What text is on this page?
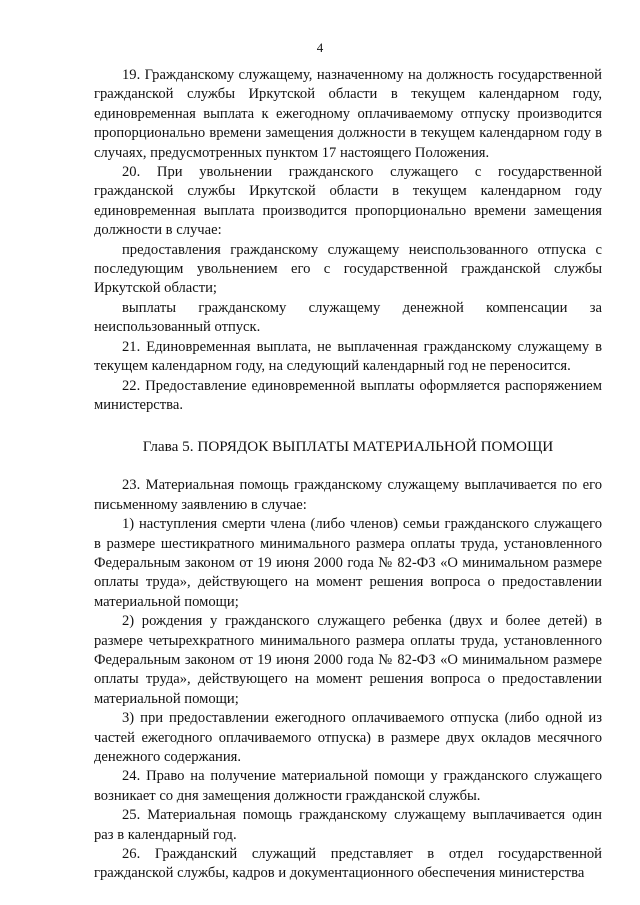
4

19. Гражданскому служащему, назначенному на должность государственной гражданской службы Иркутской области в текущем календарном году, единовременная выплата к ежегодному оплачиваемому отпуску производится пропорционально времени замещения должности в текущем календарном году в случаях, предусмотренных пунктом 17 настоящего Положения.

20. При увольнении гражданского служащего с государственной гражданской службы Иркутской области в текущем календарном году единовременная выплата производится пропорционально времени замещения должности в случае:

предоставления гражданскому служащему неиспользованного отпуска с последующим увольнением его с государственной гражданской службы Иркутской области;

выплаты гражданскому служащему денежной компенсации за неиспользованный отпуск.

21. Единовременная выплата, не выплаченная гражданскому служащему в текущем календарном году, на следующий календарный год не переносится.

22. Предоставление единовременной выплаты оформляется распоряжением министерства.

Глава 5. ПОРЯДОК ВЫПЛАТЫ МАТЕРИАЛЬНОЙ ПОМОЩИ

23. Материальная помощь гражданскому служащему выплачивается по его письменному заявлению в случае:

1) наступления смерти члена (либо членов) семьи гражданского служащего в размере шестикратного минимального размера оплаты труда, установленного Федеральным законом от 19 июня 2000 года № 82-ФЗ «О минимальном размере оплаты труда», действующего на момент решения вопроса о предоставлении материальной помощи;

2) рождения у гражданского служащего ребенка (двух и более детей) в размере четырехкратного минимального размера оплаты труда, установленного Федеральным законом от 19 июня 2000 года № 82-ФЗ «О минимальном размере оплаты труда», действующего на момент решения вопроса о предоставлении материальной помощи;

3) при предоставлении ежегодного оплачиваемого отпуска (либо одной из частей ежегодного оплачиваемого отпуска) в размере двух окладов месячного денежного содержания.

24. Право на получение материальной помощи у гражданского служащего возникает со дня замещения должности гражданской службы.

25. Материальная помощь гражданскому служащему выплачивается один раз в календарный год.

26. Гражданский служащий представляет в отдел государственной гражданской службы, кадров и документационного обеспечения министерства
